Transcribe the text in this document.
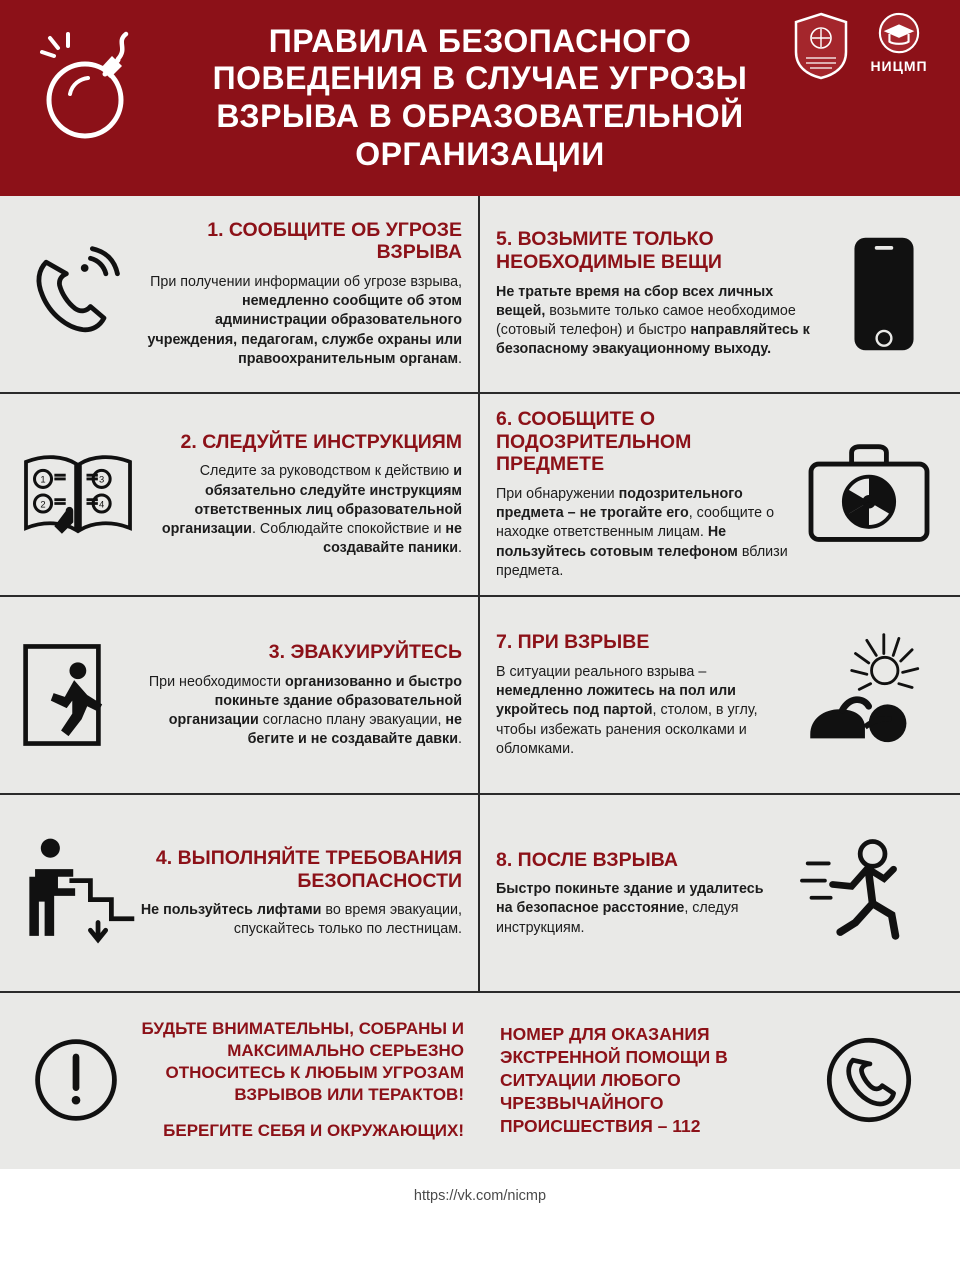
ПРАВИЛА БЕЗОПАСНОГО ПОВЕДЕНИЯ В СЛУЧАЕ УГРОЗЫ ВЗРЫВА В ОБРАЗОВАТЕЛЬНОЙ ОРГАНИЗАЦИИ
НИЦМП
1. СООБЩИТЕ ОБ УГРОЗЕ ВЗРЫВА
При получении информации об угрозе взрыва, немедленно сообщите об этом администрации образовательного учреждения, педагогам, службе охраны или правоохранительным органам.
5. ВОЗЬМИТЕ ТОЛЬКО НЕОБХОДИМЫЕ ВЕЩИ
Не тратьте время на сбор всех личных вещей, возьмите только самое необходимое (сотовый телефон) и быстро направляйтесь к безопасному эвакуационному выходу.
1
2
3
4
2. СЛЕДУЙТЕ ИНСТРУКЦИЯМ
Следите за руководством к действию и обязательно следуйте инструкциям ответственных лиц образовательной организации. Соблюдайте спокойствие и не создавайте паники.
6. СООБЩИТЕ О ПОДОЗРИТЕЛЬНОМ ПРЕДМЕТЕ
При обнаружении подозрительного предмета – не трогайте его, сообщите о находке ответственным лицам. Не пользуйтесь сотовым телефоном вблизи предмета.
3. ЭВАКУИРУЙТЕСЬ
При необходимости организованно и быстро покиньте здание образовательной организации согласно плану эвакуации, не бегите и не создавайте давки.
7. ПРИ ВЗРЫВЕ
В ситуации реального взрыва – немедленно ложитесь на пол или укройтесь под партой, столом, в углу, чтобы избежать ранения осколками и обломками.
4. ВЫПОЛНЯЙТЕ ТРЕБОВАНИЯ БЕЗОПАСНОСТИ
Не пользуйтесь лифтами во время эвакуации, спускайтесь только по лестницам.
8. ПОСЛЕ ВЗРЫВА
Быстро покиньте здание и удалитесь на безопасное расстояние, следуя инструкциям.
БУДЬТЕ ВНИМАТЕЛЬНЫ, СОБРАНЫ И МАКСИМАЛЬНО СЕРЬЕЗНО ОТНОСИТЕСЬ К ЛЮБЫМ УГРОЗАМ ВЗРЫВОВ ИЛИ ТЕРАКТОВ!
БЕРЕГИТЕ СЕБЯ И ОКРУЖАЮЩИХ!
НОМЕР ДЛЯ ОКАЗАНИЯ ЭКСТРЕННОЙ ПОМОЩИ В СИТУАЦИИ ЛЮБОГО ЧРЕЗВЫЧАЙНОГО ПРОИСШЕСТВИЯ – 112
https://vk.com/nicmp
